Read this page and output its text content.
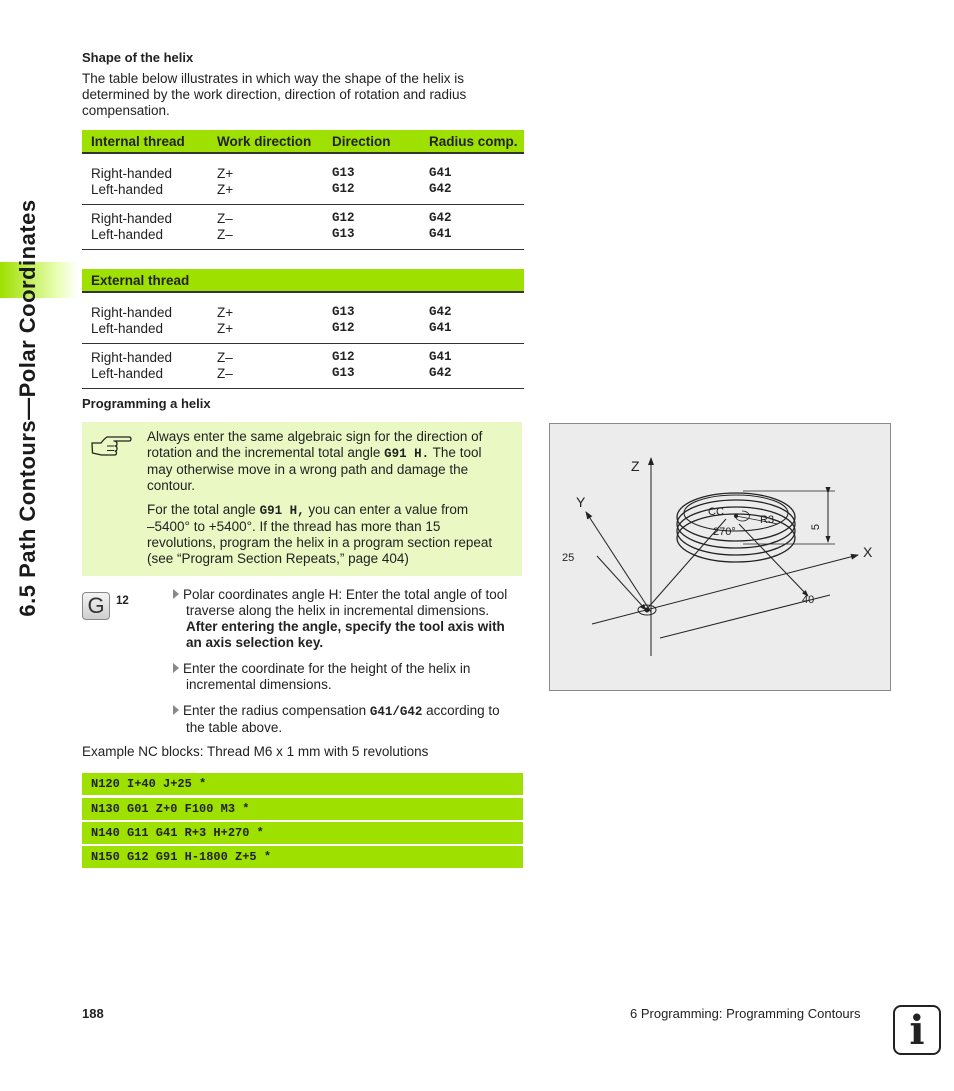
6.5 Path Contours—Polar Coordinates
Shape of the helix
The table below illustrates in which way the shape of the helix is
determined by the work direction, direction of rotation and radius
compensation.
Internal thread	Work direction	Direction	Radius comp.

Right-handed	Z+	G13	G41
Left-handed	Z+	G12	G42

Right-handed	Z–	G12	G42
Left-handed	Z–	G13	G41

External thread			

Right-handed	Z+	G13	G42
Left-handed	Z+	G12	G41

Right-handed	Z–	G12	G41
Left-handed	Z–	G13	G42

Programming a helix
Always enter the same algebraic sign for the direction of
rotation and the incremental total angle G91 H. The tool
may otherwise move in a wrong path and damage the
contour.
For the total angle G91 H, you can enter a value from
–5400° to +5400°. If the thread has more than 15
revolutions, program the helix in a program section repeat
(see “Program Section Repeats,” page 404)
G 12	Polar coordinates angle H: Enter the total angle of tool
traverse along the helix in incremental dimensions.
After entering the angle, specify the tool axis with
an axis selection key.
Enter the coordinate for the height of the helix in
incremental dimensions.
Enter the radius compensation G41/G42 according to
the table above.
Example NC blocks: Thread M6 x 1 mm with 5 revolutions
N120 I+40 J+25 *
N130 G01 Z+0 F100 M3 *
N140 G11 G41 R+3 H+270 *
N150 G12 G91 H-1800 Z+5 *
Z
Y
X
CC
R3
270°	5
25
40
188	6 Programming: Programming Contours	i
